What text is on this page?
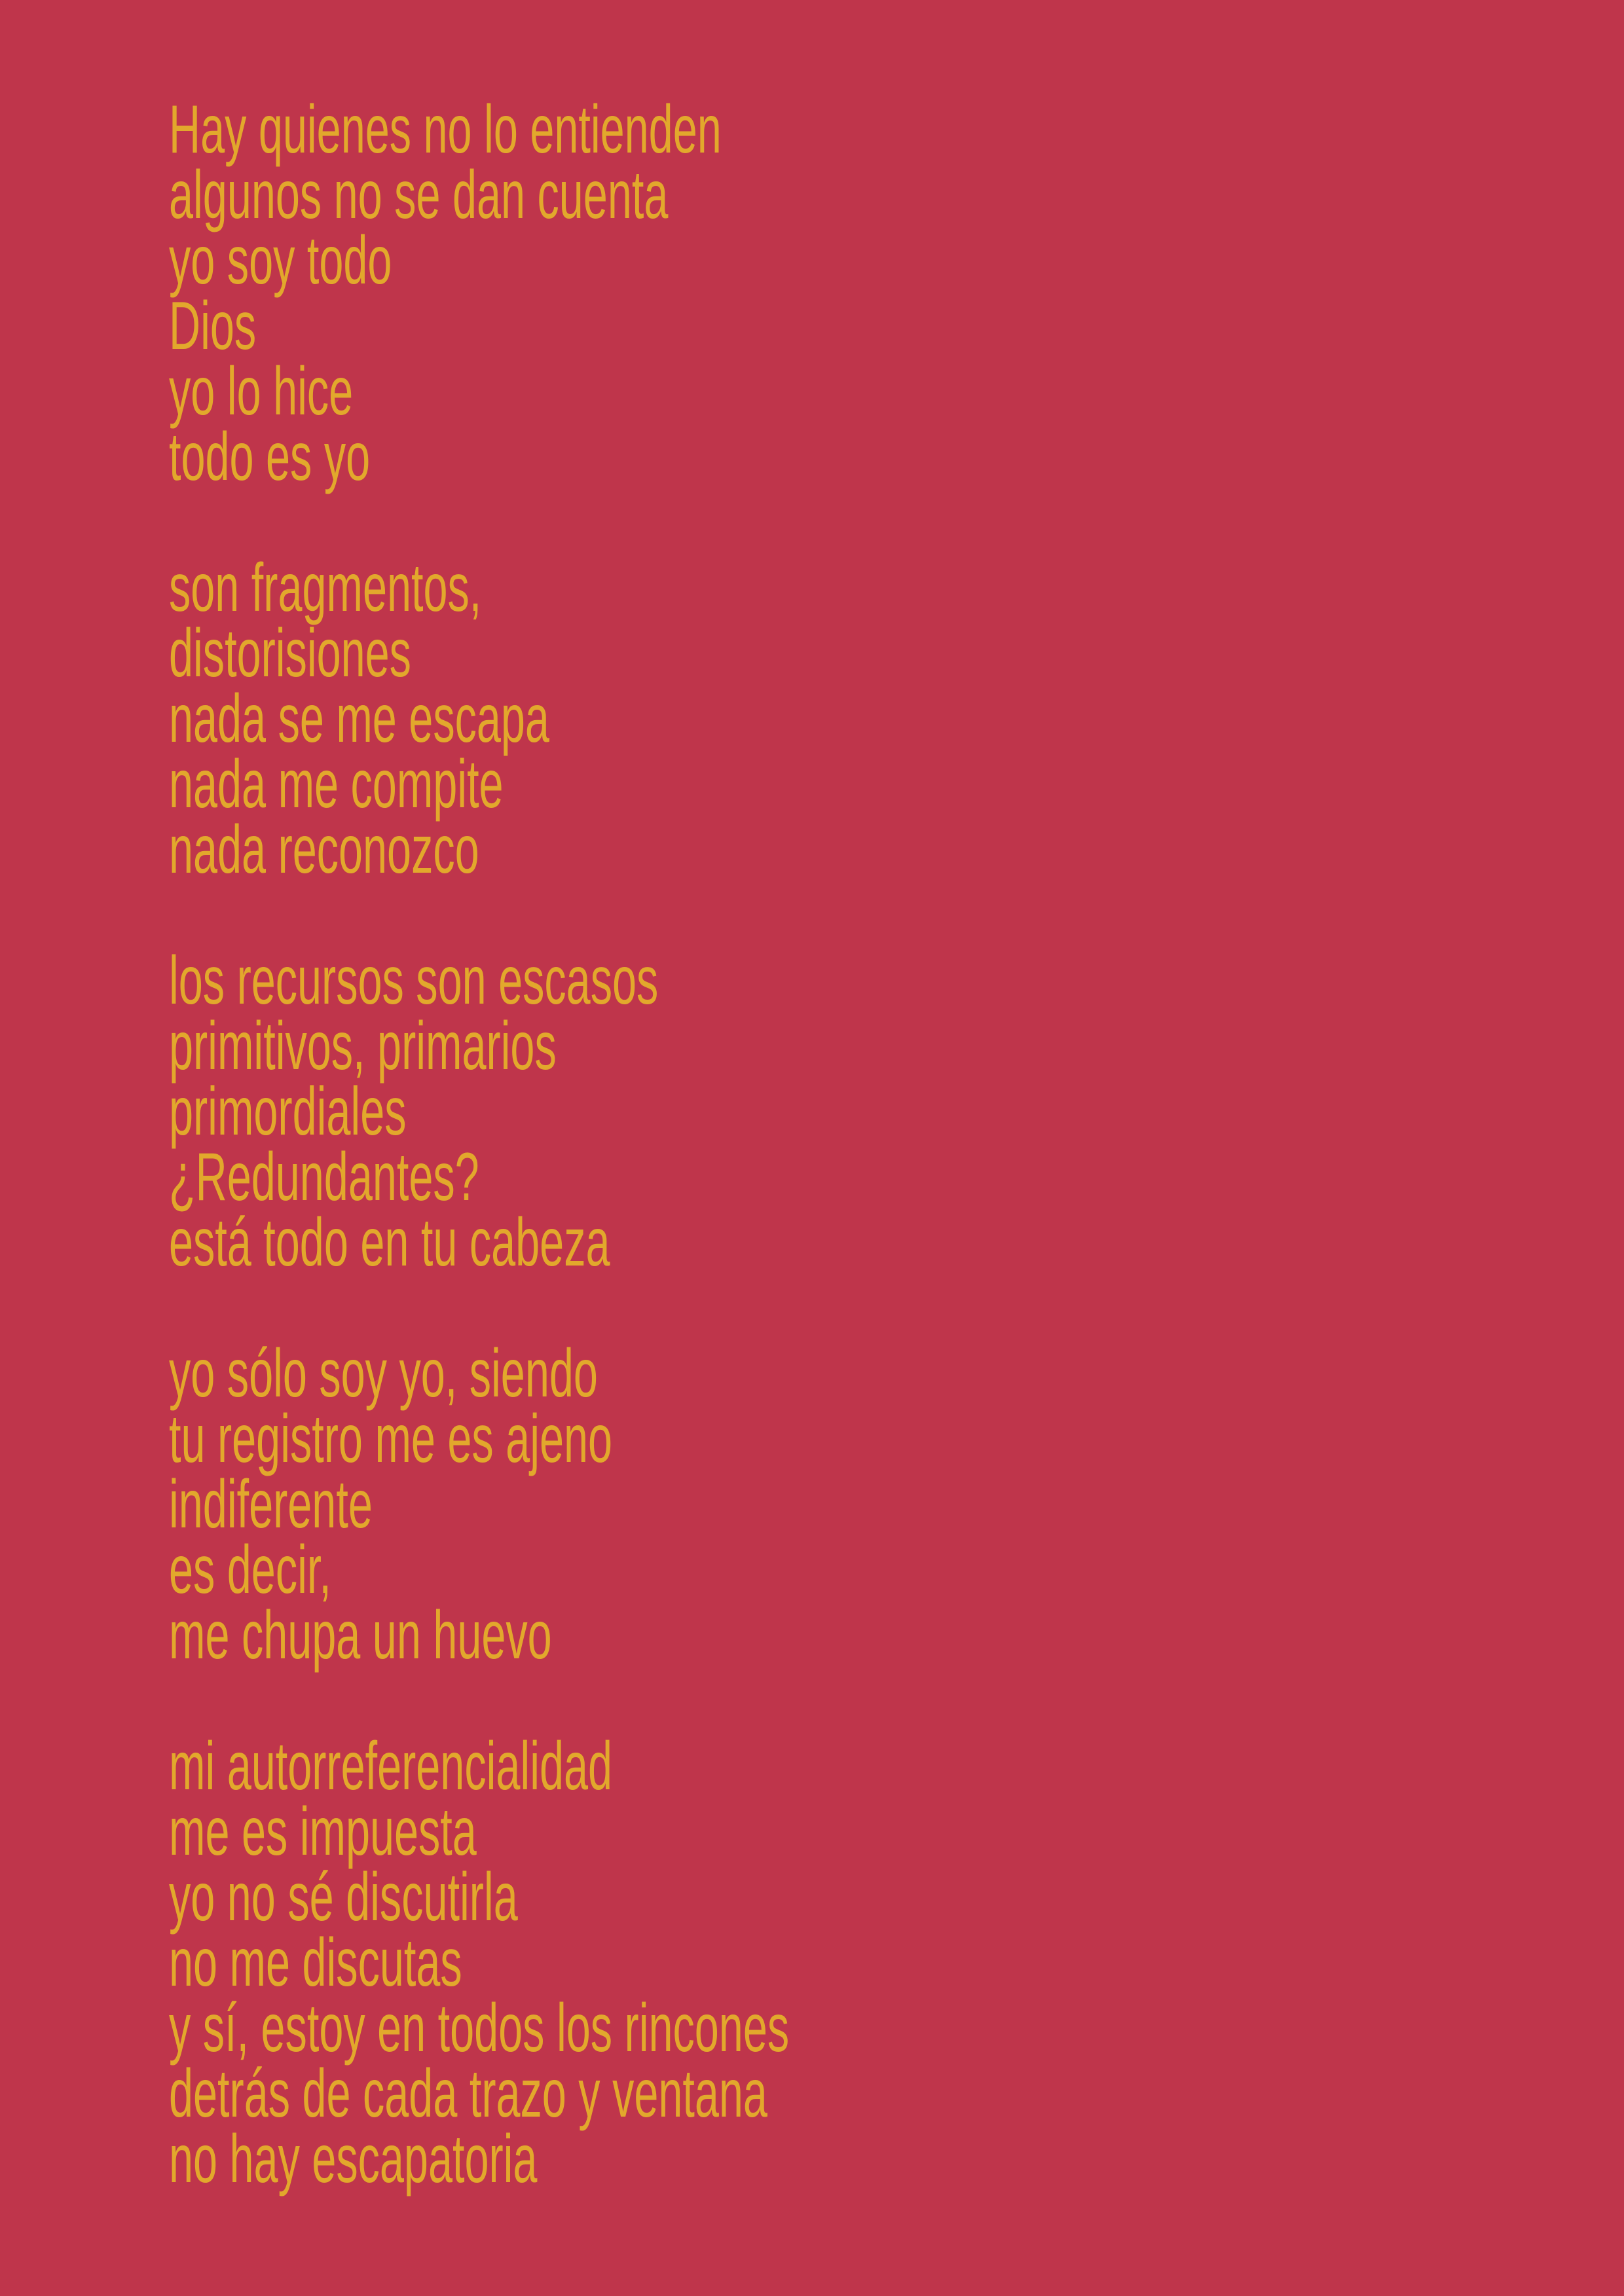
Hay quienes no lo entienden
algunos no se dan cuenta
yo soy todo
Dios
yo lo hice
todo es yo
son fragmentos,
distorisiones
nada se me escapa
nada me compite
nada reconozco
los recursos son escasos
primitivos, primarios
primordiales
¿Redundantes?
está todo en tu cabeza
yo sólo soy yo, siendo
tu registro me es ajeno
indiferente
es decir,
me chupa un huevo
mi autorreferencialidad
me es impuesta
yo no sé discutirla
no me discutas
y sí, estoy en todos los rincones
detrás de cada trazo y ventana
no hay escapatoria
